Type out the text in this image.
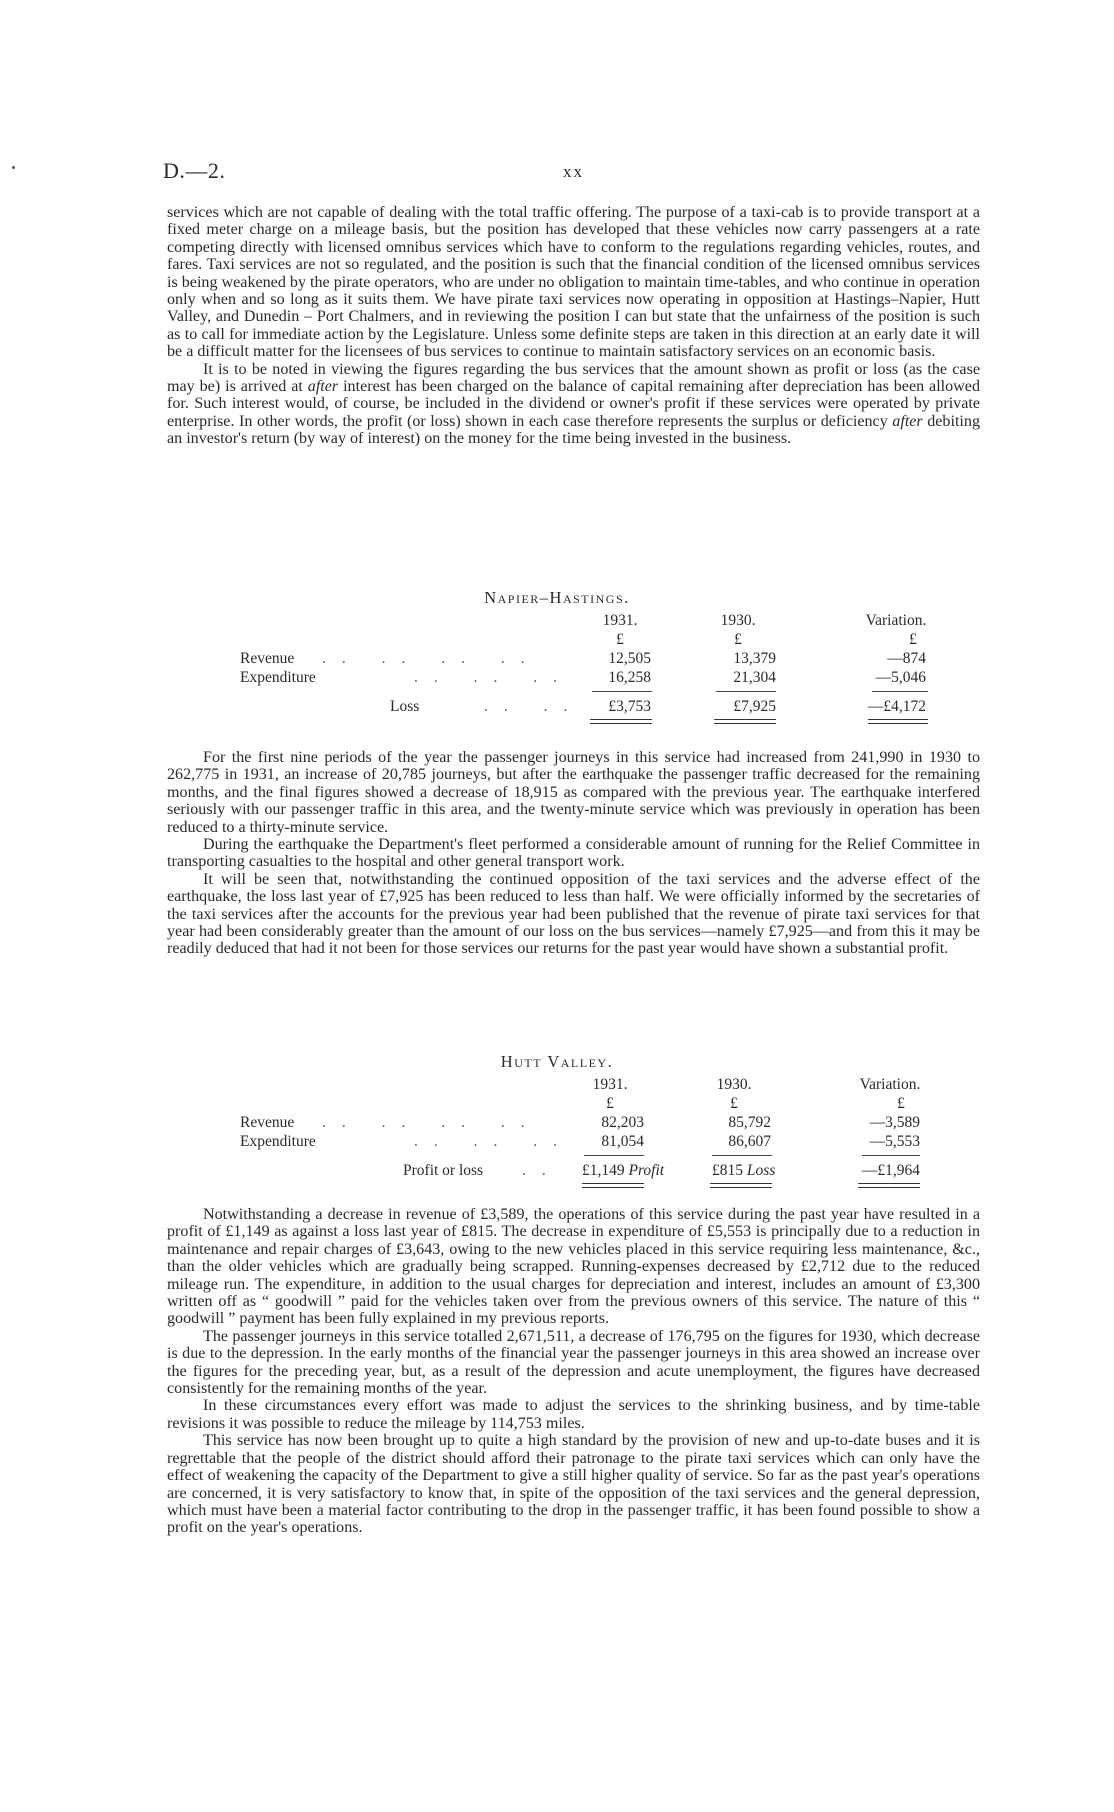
D.—2.	xx

services which are not capable of dealing with the total traffic offering. The purpose of a taxi-cab is to provide transport at a fixed meter charge on a mileage basis, but the position has developed that these vehicles now carry passengers at a rate competing directly with licensed omnibus services which have to conform to the regulations regarding vehicles, routes, and fares. Taxi services are not so regulated, and the position is such that the financial condition of the licensed omnibus services is being weakened by the pirate operators, who are under no obligation to maintain time-tables, and who continue in operation only when and so long as it suits them. We have pirate taxi services now operating in opposition at Hastings–Napier, Hutt Valley, and Dunedin – Port Chalmers, and in reviewing the position I can but state that the unfairness of the position is such as to call for immediate action by the Legislature. Unless some definite steps are taken in this direction at an early date it will be a difficult matter for the licensees of bus services to continue to maintain satisfactory services on an economic basis.

It is to be noted in viewing the figures regarding the bus services that the amount shown as profit or loss (as the case may be) is arrived at after interest has been charged on the balance of capital remaining after depreciation has been allowed for. Such interest would, of course, be included in the dividend or owner's profit if these services were operated by private enterprise. In other words, the profit (or loss) shown in each case therefore represents the surplus or deficiency after debiting an investor's return (by way of interest) on the money for the time being invested in the business.

Napier–Hastings.
1931.	1930.	Variation.
£	£	£
Revenue .. .. .. ..	12,505	13,379	—874
Expenditure	.. .. ..	16,258	21,304	—5,046
Loss	.. ..	£3,753	£7,925	—£4,172

For the first nine periods of the year the passenger journeys in this service had increased from 241,990 in 1930 to 262,775 in 1931, an increase of 20,785 journeys, but after the earthquake the passenger traffic decreased for the remaining months, and the final figures showed a decrease of 18,915 as compared with the previous year. The earthquake interfered seriously with our passenger traffic in this area, and the twenty-minute service which was previously in operation has been reduced to a thirty-minute service.

During the earthquake the Department's fleet performed a considerable amount of running for the Relief Committee in transporting casualties to the hospital and other general transport work.

It will be seen that, notwithstanding the continued opposition of the taxi services and the adverse effect of the earthquake, the loss last year of £7,925 has been reduced to less than half. We were officially informed by the secretaries of the taxi services after the accounts for the previous year had been published that the revenue of pirate taxi services for that year had been considerably greater than the amount of our loss on the bus services—namely £7,925—and from this it may be readily deduced that had it not been for those services our returns for the past year would have shown a substantial profit.

Hutt Valley.
1931.	1930.	Variation.
£	£	£
Revenue .. .. .. ..	82,203	85,792	—3,589
Expenditure	.. .. ..	81,054	86,607	—5,553
Profit or loss	.. £1,149 Profit	£815 Loss	—£1,964

Notwithstanding a decrease in revenue of £3,589, the operations of this service during the past year have resulted in a profit of £1,149 as against a loss last year of £815. The decrease in expenditure of £5,553 is principally due to a reduction in maintenance and repair charges of £3,643, owing to the new vehicles placed in this service requiring less maintenance, &c., than the older vehicles which are gradually being scrapped. Running-expenses decreased by £2,712 due to the reduced mileage run. The expenditure, in addition to the usual charges for depreciation and interest, includes an amount of £3,300 written off as “ goodwill ” paid for the vehicles taken over from the previous owners of this service. The nature of this “ goodwill ” payment has been fully explained in my previous reports.

The passenger journeys in this service totalled 2,671,511, a decrease of 176,795 on the figures for 1930, which decrease is due to the depression. In the early months of the financial year the passenger journeys in this area showed an increase over the figures for the preceding year, but, as a result of the depression and acute unemployment, the figures have decreased consistently for the remaining months of the year.

In these circumstances every effort was made to adjust the services to the shrinking business, and by time-table revisions it was possible to reduce the mileage by 114,753 miles.

This service has now been brought up to quite a high standard by the provision of new and up-to-date buses and it is regrettable that the people of the district should afford their patronage to the pirate taxi services which can only have the effect of weakening the capacity of the Department to give a still higher quality of service. So far as the past year's operations are concerned, it is very satisfactory to know that, in spite of the opposition of the taxi services and the general depression, which must have been a material factor contributing to the drop in the passenger traffic, it has been found possible to show a profit on the year's operations.
